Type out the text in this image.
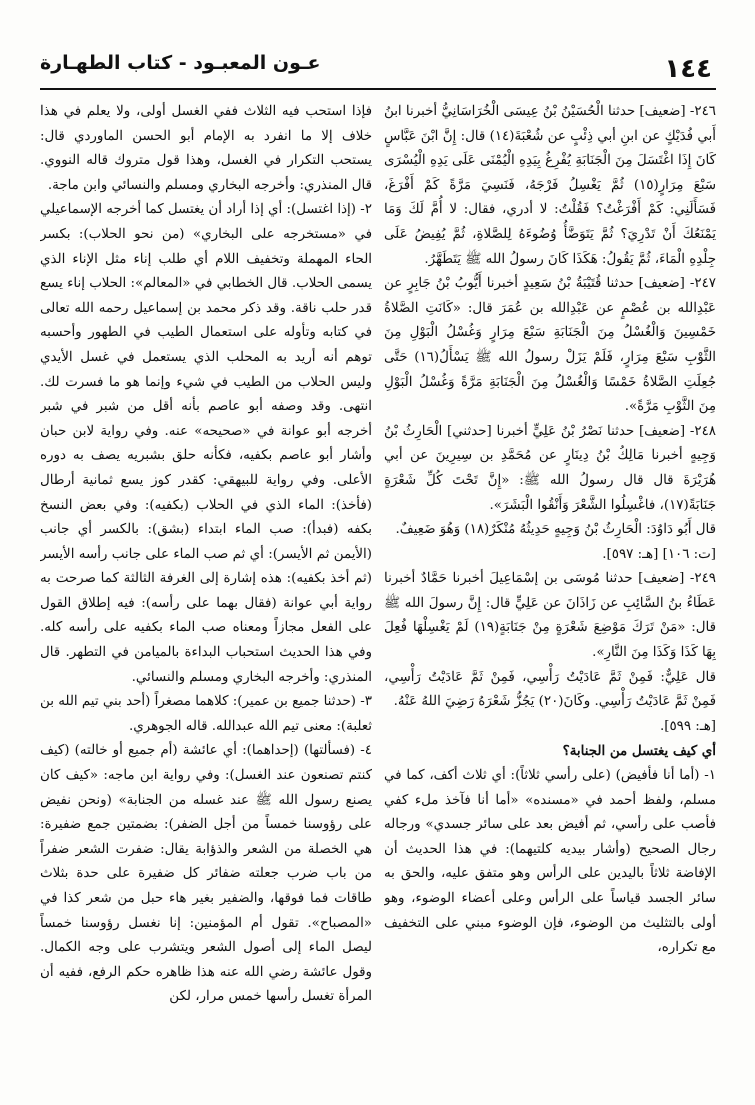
١٤٤
عـون المعبـود - كتاب الطهـارة

٢٤٦- [ضعيف] حدثنا الْحُسَيْنُ بْنُ عِيسَى الْخُرَاسَانِيُّ أخبرنا ابنُ أَبي فُدَيْكٍ عن ابنِ أبي ذِئْبٍ عن شُعْبَةَ(١٤) قال: إِنَّ ابْنَ عَبَّاسٍ كَانَ إِذَا اغْتَسَلَ مِنَ الْجَنَابَةِ يُفْرِغُ بِيَدِهِ الْيُمْنَى عَلَى يَدِهِ الْيُسْرَى سَبْعَ مِرَارٍ(١٥) ثُمَّ يَغْسِلُ فَرْجَهُ، فَنَسِيَ مَرَّةً كَمْ أَفْرَغَ، فَسَأَلَنِي: كَمْ أَفْرَغْتُ؟ فَقُلْتُ: لا أدري، فقال: لا أُمَّ لَكَ وَمَا يَمْنَعُكَ أَنْ تَدْرِيَ؟ ثُمَّ يَتَوَضَّأُ وُضُوءَهُ لِلصَّلاةِ، ثُمَّ يُفِيضُ عَلَى جِلْدِهِ الْمَاءَ، ثُمَّ يَقُولُ: هَكَذَا كَانَ رسولُ الله ﷺ يَتَطَهَّرُ.

٢٤٧- [ضعيف] حدثنا قُتَيْبَةُ بْنُ سَعِيدٍ أخبرنا أَيُّوبُ بْنُ جَابِرٍ عن عَبْدِالله بن عُصْمٍ عن عَبْدِالله بن عُمَرَ قال: «كَانَتِ الصَّلاةُ خَمْسِينَ وَالْغُسْلُ مِنَ الْجَنَابَةِ سَبْعَ مِرَارٍ وَغُسْلُ الْبَوْلِ مِنَ الثَّوْبِ سَبْعَ مِرَارٍ، فَلَمْ يَزَلْ رسولُ الله ﷺ يَسْأَلُ(١٦) حَتَّى جُعِلَتِ الصَّلاةُ خَمْسًا وَالْغُسْلُ مِنَ الْجَنَابَةِ مَرَّةً وَغُسْلُ الْبَوْلِ مِنَ الثَّوْبِ مَرَّةً».

٢٤٨- [ضعيف] حدثنا نَصْرُ بْنُ عَلِيٍّ أخبرنا [حدثني] الْحَارِثُ بْنُ وَجِيهٍ أخبرنا مَالِكُ بْنُ دِينَارٍ عن مُحَمَّدِ بن سِيرِينَ عن أبي هُرَيْرَةَ قال قال رسولُ الله ﷺ: «إِنَّ تَحْتَ كُلِّ شَعْرَةٍ جَنَابَةً(١٧)، فاغْسِلُوا الشَّعْرَ وَأَنْقُوا الْبَشَرَ».

قال أَبُو دَاوُدَ: الْحَارِثُ بْنُ وَجِيهٍ حَدِيثُهُ مُنْكَرٌ(١٨) وَهُوَ ضَعِيفٌ.

[ت: ١٠٦] [هـ: ٥٩٧].

٢٤٩- [ضعيف] حدثنا مُوسَى بن إسْمَاعِيلَ أخبرنا حَمَّادٌ أخبرنا عَطَاءُ بنُ السَّائِبِ عن زَاذَانَ عن عَلِيٍّ قال: إِنَّ رسولَ الله ﷺ قال: «مَنْ تَرَكَ مَوْضِعَ شَعْرَةٍ مِنْ جَنَابَةٍ(١٩) لَمْ يَغْسِلْهَا فُعِلَ بِهَا كَذَا وَكَذَا مِنَ النَّارِ».

قال عَلِيٌّ: فَمِنْ ثَمَّ عَادَيْتُ رَأْسِي، فَمِنْ ثَمَّ عَادَيْتُ رَأْسِي، فَمِنْ ثَمَّ عَادَيْتُ رَأْسِي. وكَانَ(٢٠) يَجُزُّ شَعْرَهُ رَضِيَ اللهُ عَنْهُ.

[هـ: ٥٩٩].

أي كيف يغتسل من الجنابة؟

١- (أما أنا فأفيض) (على رأسي ثلاثاً): أي ثلاث أكف، كما في مسلم، ولفظ أحمد في «مسنده» «أما أنا فآخذ ملء كفي فأصب على رأسي، ثم أفيض بعد على سائر جسدي» ورجاله رجال الصحيح (وأشار بيديه كلتيهما): في هذا الحديث أن الإفاضة ثلاثاً باليدين على الرأس وهو متفق عليه، والحق به سائر الجسد قياساً على الرأس وعلى أعضاء الوضوء، وهو أولى بالتثليث من الوضوء، فإن الوضوء مبني على التخفيف مع تكراره،

فإذا استحب فيه الثلاث ففي الغسل أولى، ولا يعلم في هذا خلاف إلا ما انفرد به الإمام أبو الحسن الماوردي قال: يستحب التكرار في الغسل، وهذا قول متروك قاله النووي. قال المنذري: وأخرجه البخاري ومسلم والنسائي وابن ماجة.

٢- (إذا اغتسل): أي إذا أراد أن يغتسل كما أخرجه الإسماعيلي في «مستخرجه على البخاري» (من نحو الحلاب): بكسر الحاء المهملة وتخفيف اللام أي طلب إناء مثل الإناء الذي يسمى الحلاب. قال الخطابي في «المعالم»: الحلاب إناء يسع قدر حلب ناقة. وقد ذكر محمد بن إسماعيل رحمه الله تعالى في كتابه وتأوله على استعمال الطيب في الطهور وأحسبه توهم أنه أريد به المحلب الذي يستعمل في غسل الأيدي وليس الحلاب من الطيب في شيء وإنما هو ما فسرت لك. انتهى. وقد وصفه أبو عاصم بأنه أقل من شبر في شبر أخرجه أبو عوانة في «صحيحه» عنه. وفي رواية لابن حبان وأشار أبو عاصم بكفيه، فكأنه حلق بشبريه يصف به دوره الأعلى. وفي رواية للبيهقي: كقدر كوز يسع ثمانية أرطال (فأخذ): الماء الذي في الحلاب (بكفيه): وفي بعض النسخ بكفه (فبدأ): صب الماء ابتداء (بشق): بالكسر أي جانب (الأيمن ثم الأيسر): أي ثم صب الماء على جانب رأسه الأيسر (ثم أخذ بكفيه): هذه إشارة إلى الغرفة الثالثة كما صرحت به رواية أبي عوانة (فقال بهما على رأسه): فيه إطلاق القول على الفعل مجازاً ومعناه صب الماء بكفيه على رأسه كله. وفي هذا الحديث استحباب البداءة بالميامن في التطهر. قال المنذري: وأخرجه البخاري ومسلم والنسائي.

٣- (حدثنا جميع بن عمير): كلاهما مصغراً (أحد بني تيم الله بن ثعلبة): معنى تيم الله عبدالله. قاله الجوهري.

٤- (فسألتها) (إحداهما): أي عائشة (أم جميع أو خالته) (كيف كنتم تصنعون عند الغسل): وفي رواية ابن ماجه: «كيف كان يصنع رسول الله ﷺ عند غسله من الجنابة» (ونحن نفيض على رؤوسنا خمساً من أجل الضفر): بضمتين جمع ضفيرة: هي الخصلة من الشعر والذؤابة يقال: ضفرت الشعر ضفراً من باب ضرب جعلته ضفائر كل ضفيرة على حدة بثلاث طاقات فما فوقها، والضفير بغير هاء حبل من شعر كذا في «المصباح». تقول أم المؤمنين: إنا نغسل رؤوسنا خمساً ليصل الماء إلى أصول الشعر ويتشرب على وجه الكمال. وقول عائشة رضي الله عنه هذا ظاهره حكم الرفع، ففيه أن المرأة تغسل رأسها خمس مرار، لكن
